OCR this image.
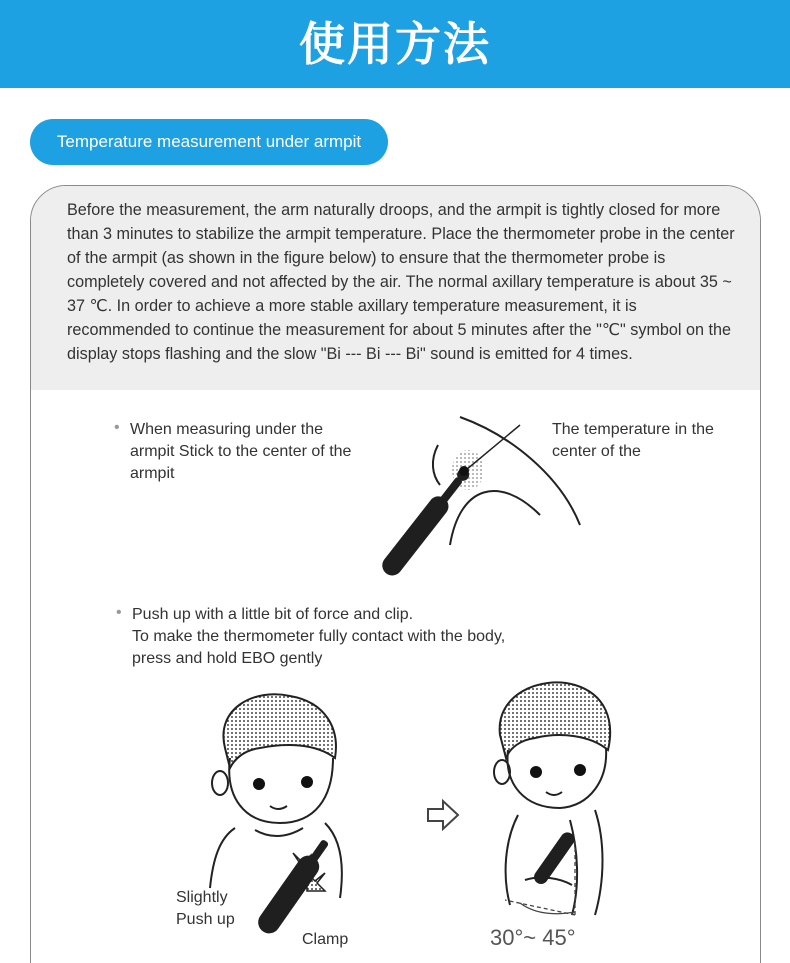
使用方法
Temperature measurement under armpit
Before the measurement, the arm naturally droops, and the armpit is tightly closed for more than 3 minutes to stabilize the armpit temperature. Place the thermometer probe in the center of the armpit (as shown in the figure below) to ensure that the thermometer probe is completely covered and not affected by the air. The normal axillary temperature is about 35 ~ 37 ℃. In order to achieve a more stable axillary temperature measurement, it is recommended to continue the measurement for about 5 minutes after the "℃" symbol on the display stops flashing and the slow "Bi --- Bi --- Bi" sound is emitted for 4 times.
• When measuring under the armpit Stick to the center of the armpit
The temperature in the center of the
• Push up with a little bit of force and clip.
To make the thermometer fully contact with the body,
press and hold EBO gently
Slightly
Push up
Clamp	30°~ 45°
